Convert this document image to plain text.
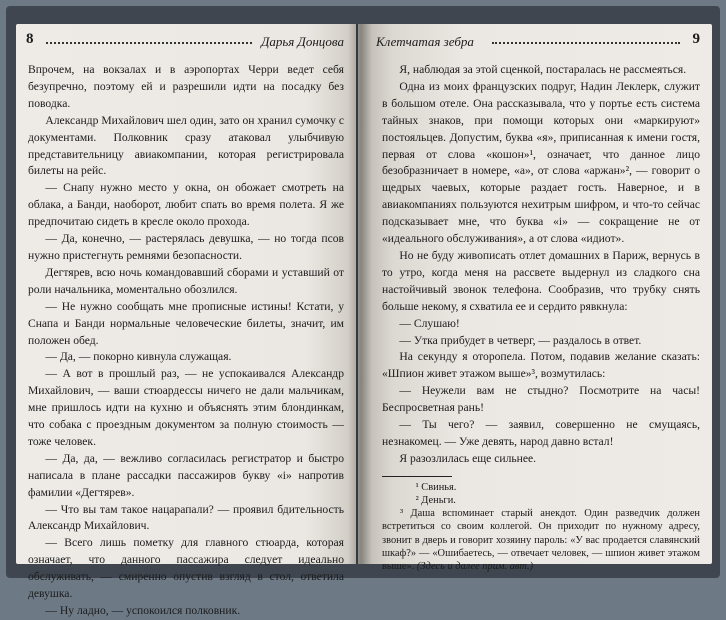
8	Дарья Донцова

Впрочем, на вокзалах и в аэропортах Черри ведет себя безупречно, поэтому ей и разрешили идти на посадку без поводка.

Александр Михайлович шел один, зато он хранил сумочку с документами. Полковник сразу атаковал улыбчивую представительницу авиакомпании, которая регистрировала билеты на рейс.

— Снапу нужно место у окна, он обожает смотреть на облака, а Банди, наоборот, любит спать во время полета. Я же предпочитаю сидеть в кресле около прохода.

— Да, конечно, — растерялась девушка, — но тогда псов нужно пристегнуть ремнями безопасности.

Дегтярев, всю ночь командовавший сборами и уставший от роли начальника, моментально обозлился.

— Не нужно сообщать мне прописные истины! Кстати, у Снапа и Банди нормальные человеческие билеты, значит, им положен обед.

— Да, — покорно кивнула служащая.

— А вот в прошлый раз, — не успокаивался Александр Михайлович, — ваши стюардессы ничего не дали мальчикам, мне пришлось идти на кухню и объяснять этим блондинкам, что собака с проездным документом за полную стоимость — тоже человек.

— Да, да, — вежливо согласилась регистратор и быстро написала в плане рассадки пассажиров букву «i» напротив фамилии «Дегтярев».

— Что вы там такое нацарапали? — проявил бдительность Александр Михайлович.

— Всего лишь пометку для главного стюарда, которая означает, что данного пассажира следует идеально обслуживать, — смиренно опустив взгляд в стол, ответила девушка.

— Ну ладно, — успокоился полковник.

Клетчатая зебра	9

Я, наблюдая за этой сценкой, постаралась не рассмеяться.

Одна из моих французских подруг, Надин Леклерк, служит в большом отеле. Она рассказывала, что у портье есть система тайных знаков, при помощи которых они «маркируют» постояльцев. Допустим, буква «я», приписанная к имени гостя, первая от слова «кошон»¹, означает, что данное лицо безобразничает в номере, «а», от слова «аржан»², — говорит о щедрых чаевых, которые раздает гость. Наверное, и в авиакомпаниях пользуются нехитрым шифром, и что-то сейчас подсказывает мне, что буква «i» — сокращение не от «идеального обслуживания», а от слова «идиот».

Но не буду живописать отлет домашних в Париж, вернусь в то утро, когда меня на рассвете выдернул из сладкого сна настойчивый звонок телефона. Сообразив, что трубку снять больше некому, я схватила ее и сердито рявкнула:

— Слушаю!

— Утка прибудет в четверг, — раздалось в ответ.

На секунду я оторопела. Потом, подавив желание сказать: «Шпион живет этажом выше»³, возмутилась:

— Неужели вам не стыдно? Посмотрите на часы! Беспросветная рань!

— Ты чего? — заявил, совершенно не смущаясь, незнакомец. — Уже девять, народ давно встал!

Я разозлилась еще сильнее.

¹ Свинья.

² Деньги.

³ Даша вспоминает старый анекдот. Один разведчик должен встретиться со своим коллегой. Он приходит по нужному адресу, звонит в дверь и говорит хозяину пароль: «У вас продается славянский шкаф?» — «Ошибаетесь, — отвечает человек, — шпион живет этажом выше». (Здесь и далее прим. авт.)
